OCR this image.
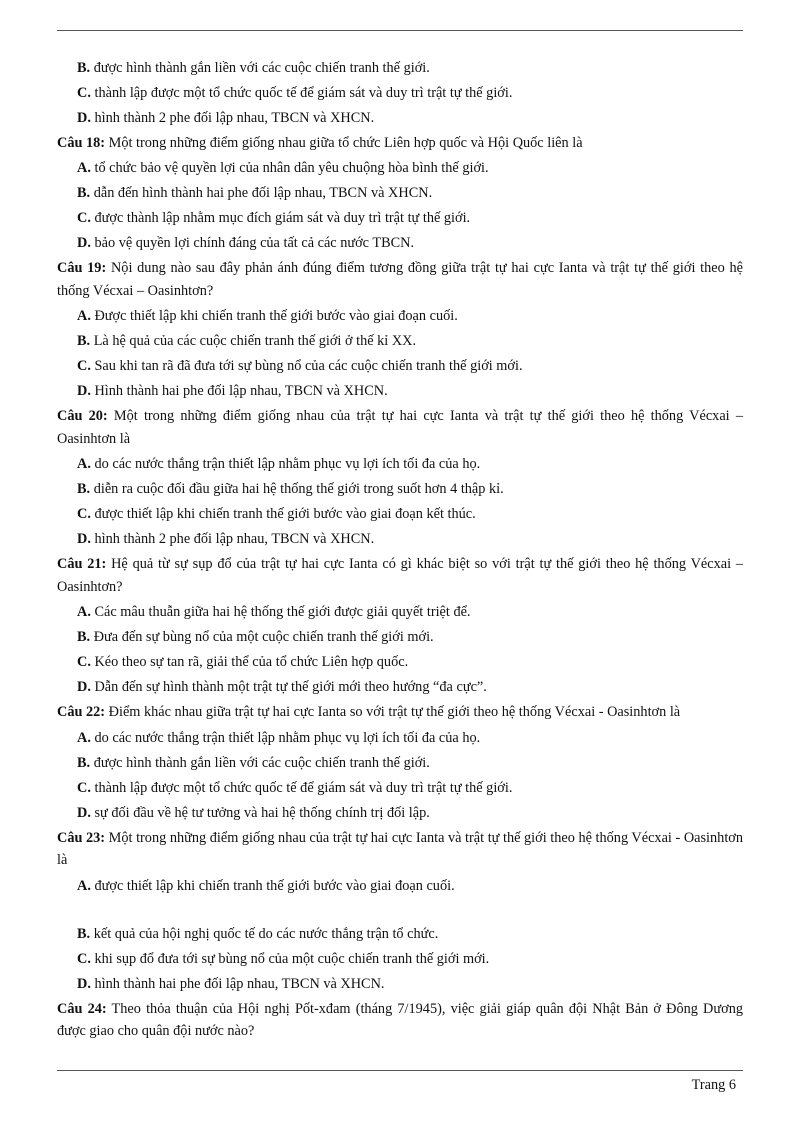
B. được hình thành gắn liền với các cuộc chiến tranh thế giới.
C. thành lập được một tổ chức quốc tế để giám sát và duy trì trật tự thế giới.
D. hình thành 2 phe đối lập nhau, TBCN và XHCN.
Câu 18: Một trong những điểm giống nhau giữa tổ chức Liên hợp quốc và Hội Quốc liên là
A. tổ chức bảo vệ quyền lợi của nhân dân yêu chuộng hòa bình thế giới.
B. dẫn đến hình thành hai phe đối lập nhau, TBCN và XHCN.
C. được thành lập nhằm mục đích giám sát và duy trì trật tự thế giới.
D. bảo vệ quyền lợi chính đáng của tất cả các nước TBCN.
Câu 19: Nội dung nào sau đây phản ánh đúng điểm tương đồng giữa trật tự hai cực Ianta và trật tự thế giới theo hệ thống Vécxai – Oasinhtơn?
A. Được thiết lập khi chiến tranh thế giới bước vào giai đoạn cuối.
B. Là hệ quả của các cuộc chiến tranh thế giới ở thế kỉ XX.
C. Sau khi tan rã đã đưa tới sự bùng nổ của các cuộc chiến tranh thế giới mới.
D. Hình thành hai phe đối lập nhau, TBCN và XHCN.
Câu 20: Một trong những điểm giống nhau của trật tự hai cực Ianta và trật tự thế giới theo hệ thống Vécxai – Oasinhtơn là
A. do các nước thắng trận thiết lập nhằm phục vụ lợi ích tối đa của họ.
B. diễn ra cuộc đối đầu giữa hai hệ thống thế giới trong suốt hơn 4 thập kỉ.
C. được thiết lập khi chiến tranh thế giới bước vào giai đoạn kết thúc.
D. hình thành 2 phe đối lập nhau, TBCN và XHCN.
Câu 21: Hệ quả từ sự sụp đổ của trật tự hai cực Ianta có gì khác biệt so với trật tự thế giới theo hệ thống Vécxai – Oasinhtơn?
A. Các mâu thuẫn giữa hai hệ thống thế giới được giải quyết triệt để.
B. Đưa đến sự bùng nổ của một cuộc chiến tranh thế giới mới.
C. Kéo theo sự tan rã, giải thể của tổ chức Liên hợp quốc.
D. Dẫn đến sự hình thành một trật tự thế giới mới theo hướng “đa cực”.
Câu 22: Điểm khác nhau giữa trật tự hai cực Ianta so với trật tự thế giới theo hệ thống Vécxai - Oasinhtơn là
A. do các nước thắng trận thiết lập nhằm phục vụ lợi ích tối đa của họ.
B. được hình thành gắn liền với các cuộc chiến tranh thế giới.
C. thành lập được một tổ chức quốc tế để giám sát và duy trì trật tự thế giới.
D. sự đối đầu về hệ tư tưởng và hai hệ thống chính trị đối lập.
Câu 23: Một trong những điểm giống nhau của trật tự hai cực Ianta và trật tự thế giới theo hệ thống Vécxai - Oasinhtơn là
A. được thiết lập khi chiến tranh thế giới bước vào giai đoạn cuối.
B. kết quả của hội nghị quốc tế do các nước thắng trận tổ chức.
C. khi sụp đổ đưa tới sự bùng nổ của một cuộc chiến tranh thế giới mới.
D. hình thành hai phe đối lập nhau, TBCN và XHCN.
Câu 24: Theo thỏa thuận của Hội nghị Pốt-xđam (tháng 7/1945), việc giải giáp quân đội Nhật Bản ở Đông Dương được giao cho quân đội nước nào?
Trang 6
